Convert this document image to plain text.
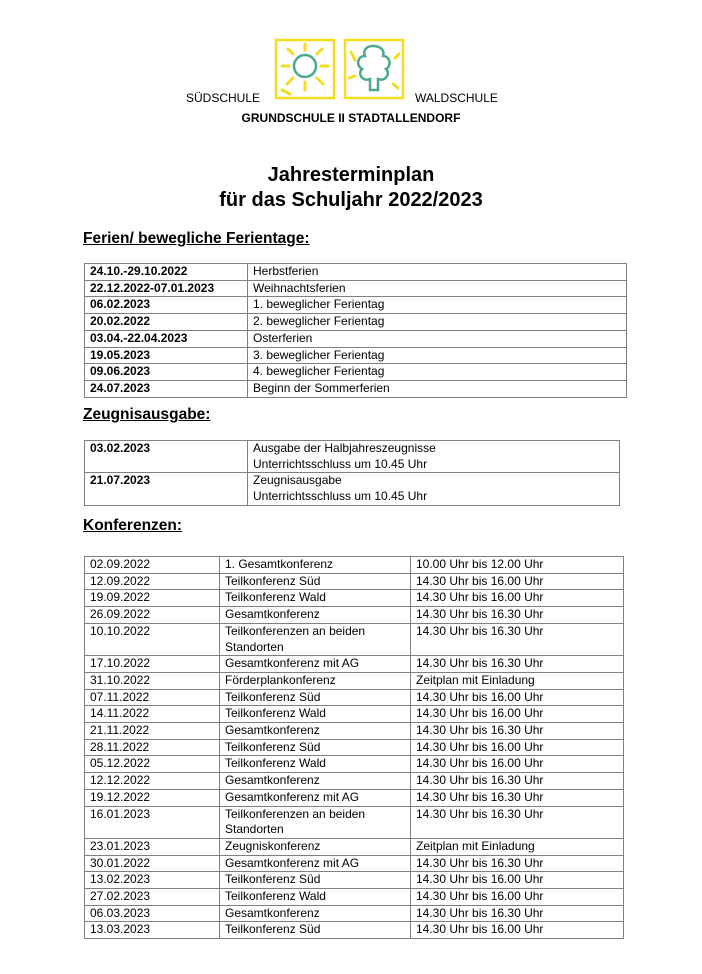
SÜDSCHULE	WALDSCHULE
GRUNDSCHULE II STADTALLENDORF
Jahresterminplan
für das Schuljahr 2022/2023
Ferien/ bewegliche Ferientage:
24.10.-29.10.2022	Herbstferien
22.12.2022-07.01.2023	Weihnachtsferien
06.02.2023	1. beweglicher Ferientag
20.02.2022	2. beweglicher Ferientag
03.04.-22.04.2023	Osterferien
19.05.2023	3. beweglicher Ferientag
09.06.2023	4. beweglicher Ferientag
24.07.2023	Beginn der Sommerferien
Zeugnisausgabe:
03.02.2023	Ausgabe der Halbjahreszeugnisse
Unterrichtsschluss um 10.45 Uhr

21.07.2023	Zeugnisausgabe
Unterrichtsschluss um 10.45 Uhr
Konferenzen:
02.09.2022	1. Gesamtkonferenz	10.00 Uhr bis 12.00 Uhr
12.09.2022	Teilkonferenz Süd	14.30 Uhr bis 16.00 Uhr
19.09.2022	Teilkonferenz Wald	14.30 Uhr bis 16.00 Uhr
26.09.2022	Gesamtkonferenz	14.30 Uhr bis 16.30 Uhr
10.10.2022	Teilkonferenzen an beiden
Standorten	14.30 Uhr bis 16.30 Uhr
17.10.2022	Gesamtkonferenz mit AG	14.30 Uhr bis 16.30 Uhr
31.10.2022	Förderplankonferenz	Zeitplan mit Einladung
07.11.2022	Teilkonferenz Süd	14.30 Uhr bis 16.00 Uhr
14.11.2022	Teilkonferenz Wald	14.30 Uhr bis 16.00 Uhr
21.11.2022	Gesamtkonferenz	14.30 Uhr bis 16.30 Uhr
28.11.2022	Teilkonferenz Süd	14.30 Uhr bis 16.00 Uhr
05.12.2022	Teilkonferenz Wald	14.30 Uhr bis 16.00 Uhr
12.12.2022	Gesamtkonferenz	14.30 Uhr bis 16.30 Uhr
19.12.2022	Gesamtkonferenz mit AG	14.30 Uhr bis 16.30 Uhr
16.01.2023	Teilkonferenzen an beiden
Standorten	14.30 Uhr bis 16.30 Uhr
23.01.2023	Zeugniskonferenz	Zeitplan mit Einladung
30.01.2022	Gesamtkonferenz mit AG	14.30 Uhr bis 16.30 Uhr
13.02.2023	Teilkonferenz Süd	14.30 Uhr bis 16.00 Uhr
27.02.2023	Teilkonferenz Wald	14.30 Uhr bis 16.00 Uhr
06.03.2023	Gesamtkonferenz	14.30 Uhr bis 16.30 Uhr
13.03.2023	Teilkonferenz Süd	14.30 Uhr bis 16.00 Uhr
